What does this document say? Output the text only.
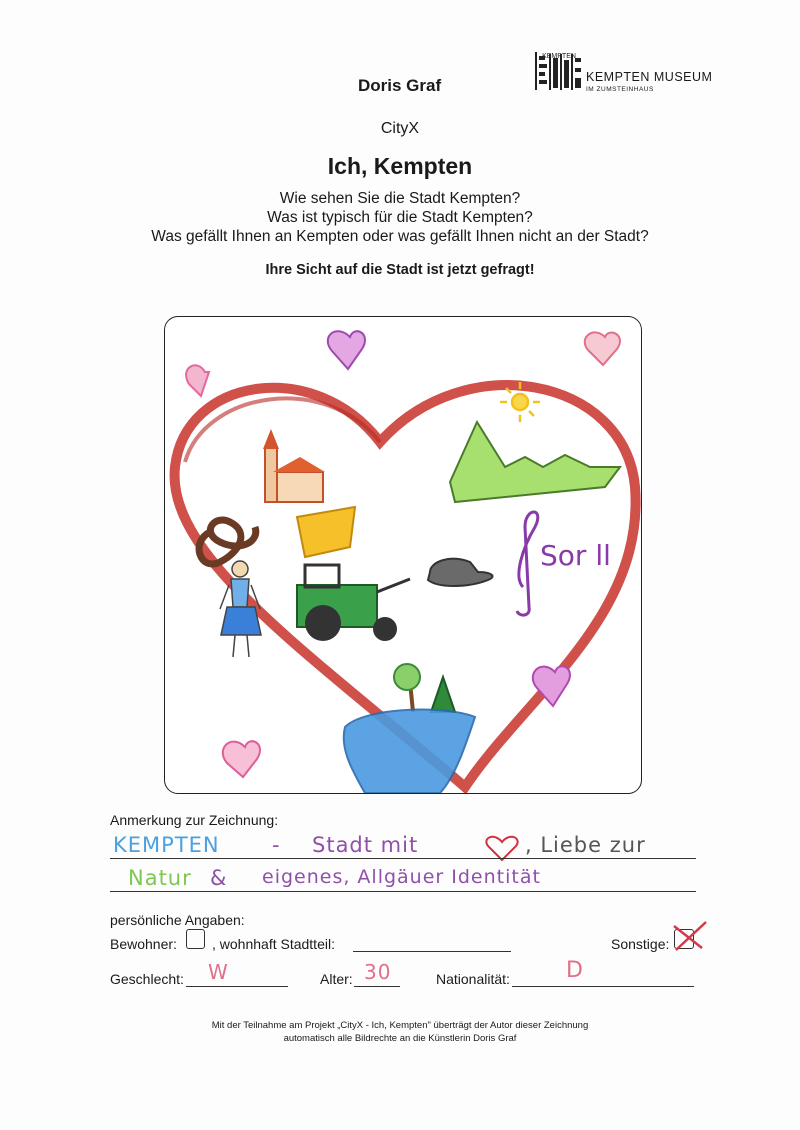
Doris Graf
KEMPTEN
KEMPTEN MUSEUM
IM ZUMSTEINHAUS
CityX
Ich, Kempten
Wie sehen Sie die Stadt Kempten?
Was ist typisch für die Stadt Kempten?
Was gefällt Ihnen an Kempten oder was gefällt Ihnen nicht an der Stadt?
Ihre Sicht auf die Stadt ist jetzt gefragt!
Sor ll
Anmerkung zur Zeichnung:
KEMPTEN - Stadt mit	, Liebe zur
Natur & eigenes, Allgäuer Identität
persönliche Angaben:
Bewohner:	, wohnhaft Stadtteil:	Sonstige:
Geschlecht: W	Alter: 30	Nationalität:	D
Mit der Teilnahme am Projekt „CityX - Ich, Kempten" überträgt der Autor dieser Zeichnung
automatisch alle Bildrechte an die Künstlerin Doris Graf
